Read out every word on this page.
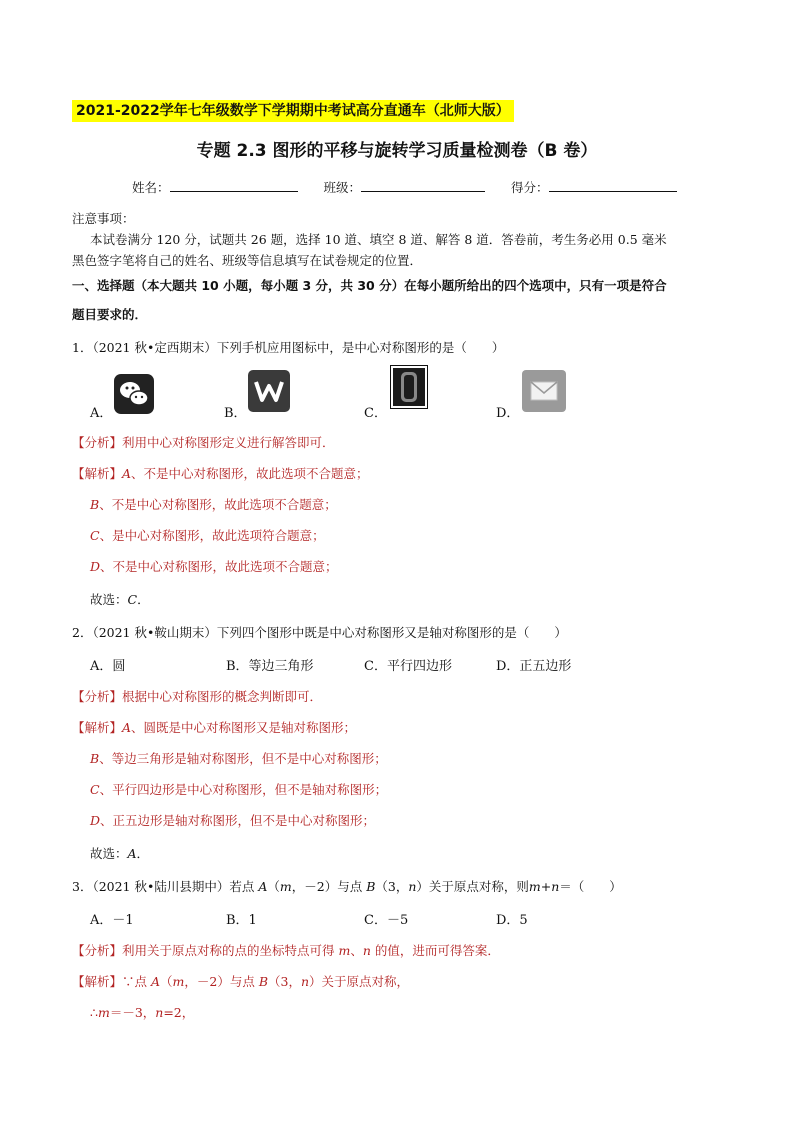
2021-2022学年七年级数学下学期期中考试高分直通车（北师大版）
专题 2.3 图形的平移与旋转学习质量检测卷（B 卷）
姓名：	班级：	得分：
注意事项：
本试卷满分 120 分，试题共 26 题，选择 10 道、填空 8 道、解答 8 道．答卷前，考生务必用 0.5 毫米
黑色签字笔将自己的姓名、班级等信息填写在试卷规定的位置．
一、选择题（本大题共 10 小题，每小题 3 分，共 30 分）在每小题所给出的四个选项中，只有一项是符合
题目要求的．
1．（2021 秋•定西期末）下列手机应用图标中，是中心对称图形的是（　　）
A．	B．	C．	D．
【分析】利用中心对称图形定义进行解答即可．
【解析】A、不是中心对称图形，故此选项不合题意；
B、不是中心对称图形，故此选项不合题意；
C、是中心对称图形，故此选项符合题意；
D、不是中心对称图形，故此选项不合题意；
故选：C．
2．（2021 秋•鞍山期末）下列四个图形中既是中心对称图形又是轴对称图形的是（　　）
A．圆	B．等边三角形	C．平行四边形	D．正五边形
【分析】根据中心对称图形的概念判断即可．
【解析】A、圆既是中心对称图形又是轴对称图形；
B、等边三角形是轴对称图形，但不是中心对称图形；
C、平行四边形是中心对称图形，但不是轴对称图形；
D、正五边形是轴对称图形，但不是中心对称图形；
故选：A．
3．（2021 秋•陆川县期中）若点 A（m，－2）与点 B（3，n）关于原点对称，则m+n＝（　　）
A．－1	B．1	C．－5	D．5
【分析】利用关于原点对称的点的坐标特点可得 m、n 的值，进而可得答案．
【解析】∵点 A（m，－2）与点 B（3，n）关于原点对称，
∴m＝－3，n=2，
